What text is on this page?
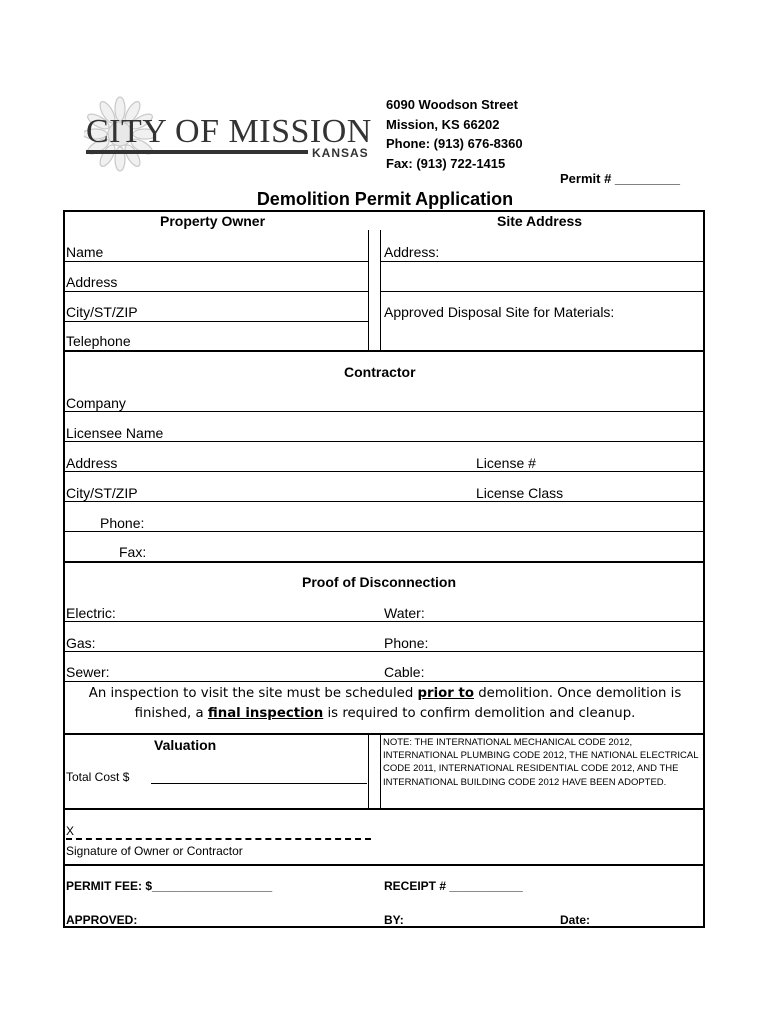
CITY OF MISSION
KANSAS
6090 Woodson Street
Mission, KS 66202
Phone: (913) 676-8360
Fax: (913) 722-1415
Permit # _________
Demolition Permit Application
Property Owner	Site Address
Name	Address:
Address
City/ST/ZIP	Approved Disposal Site for Materials:
Telephone
Contractor
Company
Licensee Name
Address	License #
City/ST/ZIP	License Class
Phone:
Fax:
Proof of Disconnection
Electric:	Water:
Gas:	Phone:
Sewer:	Cable:
An inspection to visit the site must be scheduled prior to demolition. Once demolition is
finished, a final inspection is required to confirm demolition and cleanup.
Valuation
Total Cost $
NOTE: THE INTERNATIONAL MECHANICAL CODE 2012, INTERNATIONAL PLUMBING CODE 2012, THE NATIONAL ELECTRICAL CODE 2011, INTERNATIONAL RESIDENTIAL CODE 2012, AND THE INTERNATIONAL BUILDING CODE 2012 HAVE BEEN ADOPTED.
X
Signature of Owner or Contractor
PERMIT FEE: $__________________	RECEIPT # ___________
APPROVED:	BY:	Date:
